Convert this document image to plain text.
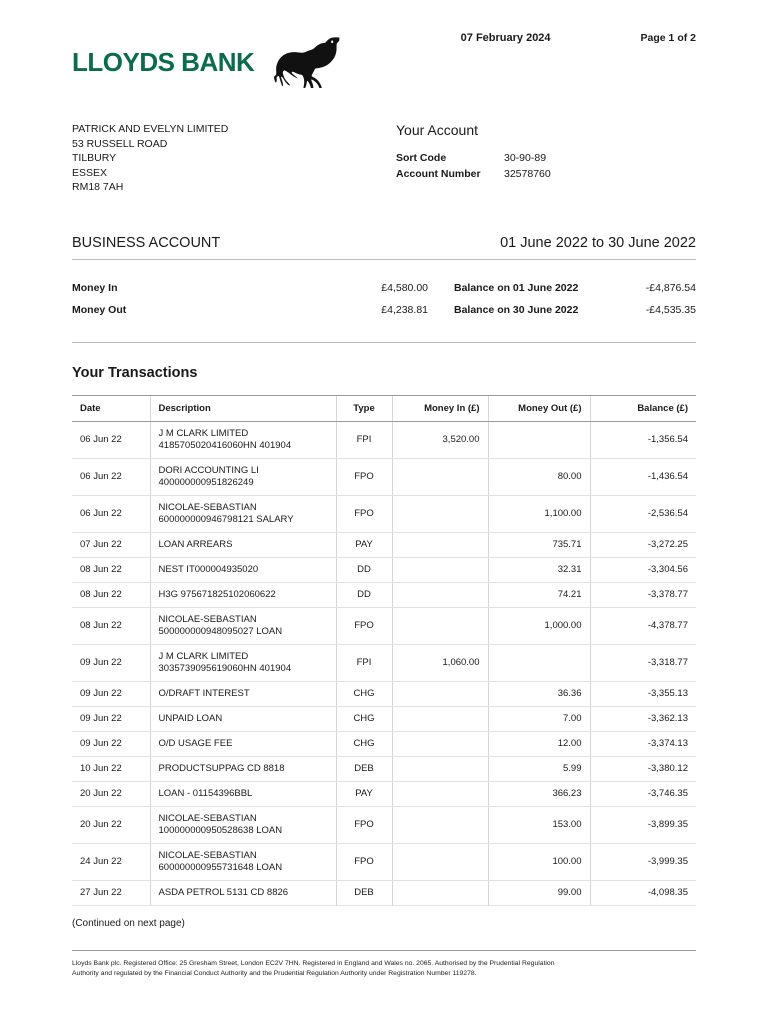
LLOYDS BANK
07 February 2024	Page 1 of 2
PATRICK AND EVELYN LIMITED
53 RUSSELL ROAD
TILBURY
ESSEX
RM18 7AH
Your Account
Sort Code	30-90-89
Account Number	32578760
BUSINESS ACCOUNT	01 June 2022 to 30 June 2022
Money In	£4,580.00	Balance on 01 June 2022	-£4,876.54
Money Out	£4,238.81	Balance on 30 June 2022	-£4,535.35
Your Transactions
Date	Description	Type	Money In (£)	Money Out (£)	Balance (£)
06 Jun 22	J M CLARK LIMITED
4185705020416060HN 401904	FPI	3,520.00		-1,356.54
06 Jun 22	DORI ACCOUNTING LI
400000000951826249	FPO		80.00	-1,436.54
06 Jun 22	NICOLAE-SEBASTIAN
600000000946798121 SALARY	FPO		1,100.00	-2,536.54
07 Jun 22	LOAN ARREARS	PAY		735.71	-3,272.25
08 Jun 22	NEST IT000004935020	DD		32.31	-3,304.56
08 Jun 22	H3G 975671825102060622	DD		74.21	-3,378.77
08 Jun 22	NICOLAE-SEBASTIAN
500000000948095027 LOAN	FPO		1,000.00	-4,378.77
09 Jun 22	J M CLARK LIMITED
3035739095619060HN 401904	FPI	1,060.00		-3,318.77
09 Jun 22	O/DRAFT INTEREST	CHG		36.36	-3,355.13
09 Jun 22	UNPAID LOAN	CHG		7.00	-3,362.13
09 Jun 22	O/D USAGE FEE	CHG		12.00	-3,374.13
10 Jun 22	PRODUCTSUPPAG CD 8818	DEB		5.99	-3,380.12
20 Jun 22	LOAN - 01154396BBL	PAY		366.23	-3,746.35
20 Jun 22	NICOLAE-SEBASTIAN
100000000950528638 LOAN	FPO		153.00	-3,899.35
24 Jun 22	NICOLAE-SEBASTIAN
600000000955731648 LOAN	FPO		100.00	-3,999.35
27 Jun 22	ASDA PETROL 5131 CD 8826	DEB		99.00	-4,098.35
(Continued on next page)

Lloyds Bank plc. Registered Office: 25 Gresham Street, London EC2V 7HN. Registered in England and Wales no. 2065. Authorised by the Prudential Regulation Authority and regulated by the Financial Conduct Authority and the Prudential Regulation Authority under Registration Number 119278.
